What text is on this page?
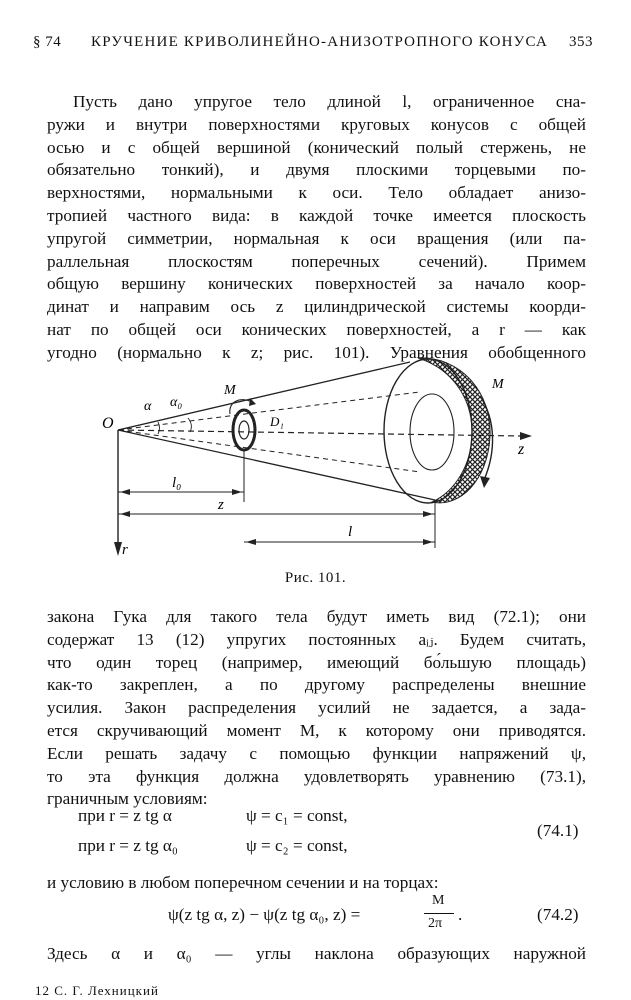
§ 74 КРУЧЕНИЕ КРИВОЛИНЕЙНО-АНИЗОТРОПНОГО КОНУСА 353
Пусть дано упругое тело длиной l, ограниченное сна-
ружи и внутри поверхностями круговых конусов с общей
осью и с общей вершиной (конический полый стержень, не
обязательно тонкий), и двумя плоскими торцевыми по-
верхностями, нормальными к оси. Тело обладает анизо-
тропией частного вида: в каждой точке имеется плоскость
упругой симметрии, нормальная к оси вращения (или па-
раллельная плоскостям поперечных сечений). Примем
общую вершину конических поверхностей за начало коор-
динат и направим ось z цилиндрической системы коорди-
нат по общей оси конических поверхностей, а r — как
угодно (нормально к z; рис. 101). Уравнения обобщенного
O
α α₀
M
D₁
M
z
r
l₀
z
l
Рис. 101.
закона Гука для такого тела будут иметь вид (72.1); они
содержат 13 (12) упругих постоянных aᵢⱼ. Будем считать,
что один торец (например, имеющий бо́льшую площадь)
как-то закреплен, а по другому распределены внешние
усилия. Закон распределения усилий не задается, а задa-
ется скручивающий момент M, к которому они приводятся.
Если решать задачу с помощью функции напряжений ψ,
то эта функция должна удовлетворять уравнению (73.1),
граничным условиям:
при r = z tg α	ψ = c₁ = const,
при r = z tg α₀	ψ = c₂ = const,
(74.1)
и условию в любом поперечном сечении и на торцах:
ψ(z tg α, z) − ψ(z tg α₀, z) =
M
2π .	(74.2)
Здесь α и α₀ — углы наклона образующих наружной
12 С. Г. Лехницкий
